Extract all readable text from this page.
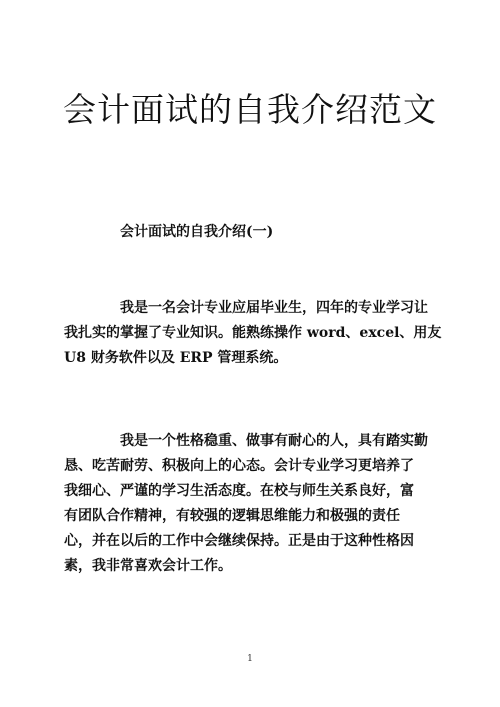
会计面试的自我介绍范文
会计面试的自我介绍(一)
我是一名会计专业应届毕业生，四年的专业学习让
我扎实的掌握了专业知识。能熟练操作 word、excel、用友
U8 财务软件以及 ERP 管理系统。
我是一个性格稳重、做事有耐心的人，具有踏实勤
恳、吃苦耐劳、积极向上的心态。会计专业学习更培养了
我细心、严谨的学习生活态度。在校与师生关系良好，富
有团队合作精神，有较强的逻辑思维能力和极强的责任
心，并在以后的工作中会继续保持。正是由于这种性格因
素，我非常喜欢会计工作。
1
